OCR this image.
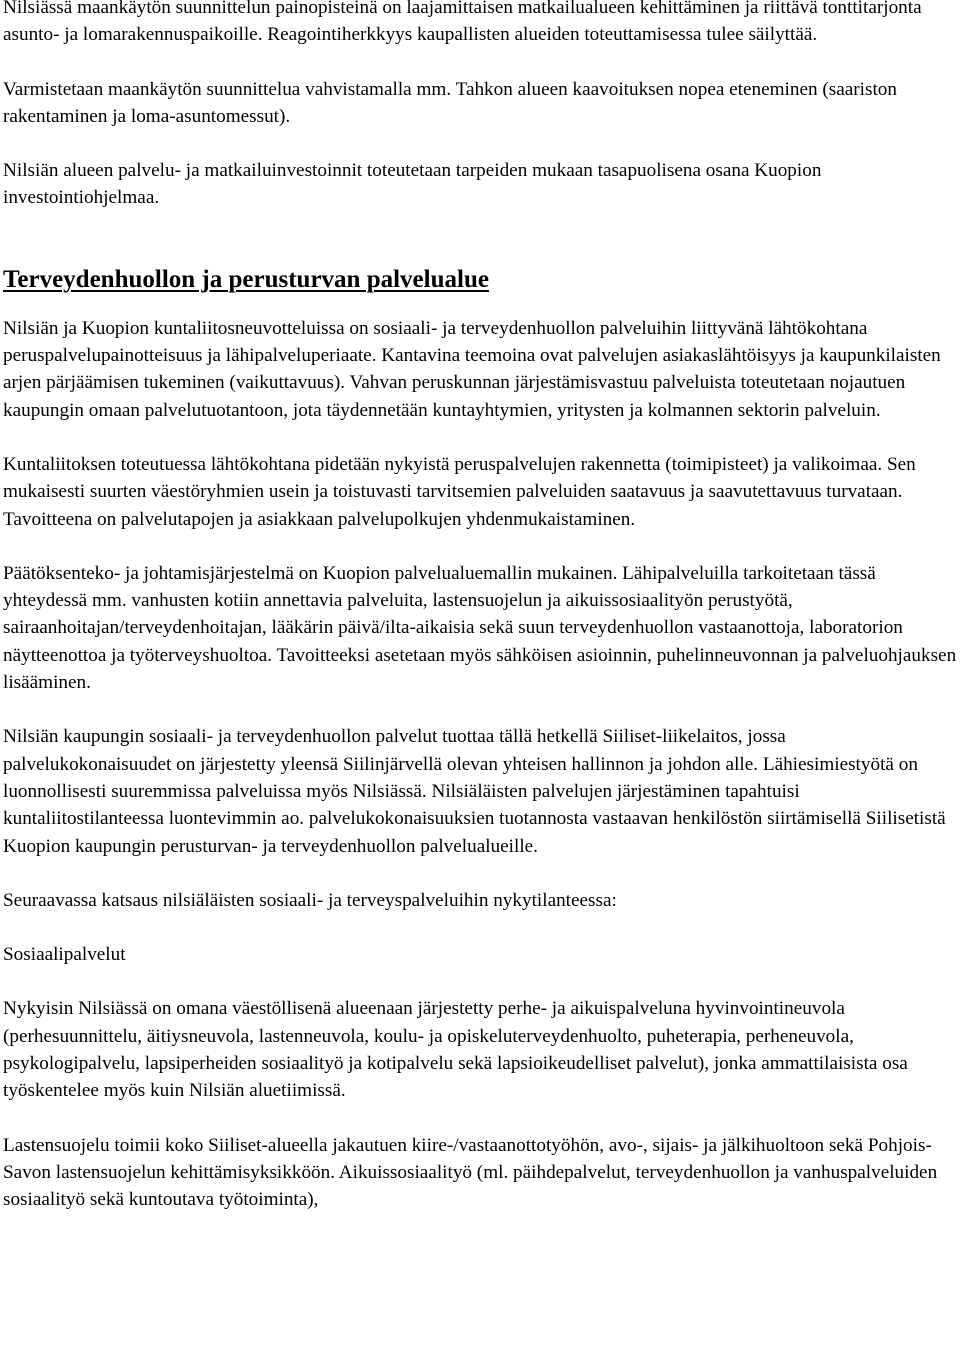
Nilsiässä maankäytön suunnittelun painopisteinä on laajamittaisen matkailualueen kehittäminen ja riittävä tonttitarjonta asunto- ja lomarakennuspaikoille. Reagointiherkkyys kaupallisten alueiden toteuttamisessa tulee säilyttää.

Varmistetaan maankäytön suunnittelua vahvistamalla mm. Tahkon alueen kaavoituksen nopea eteneminen (saariston rakentaminen ja loma-asuntomessut).

Nilsiän alueen palvelu- ja matkailuinvestoinnit toteutetaan tarpeiden mukaan tasapuolisena osana Kuopion investointiohjelmaa.

Terveydenhuollon ja perusturvan palvelualue

Nilsiän ja Kuopion kuntaliitosneuvotteluissa on sosiaali- ja terveydenhuollon palveluihin liittyvänä lähtökohtana peruspalvelupainotteisuus ja lähipalveluperiaate. Kantavina teemoina ovat palvelujen asiakaslähtöisyys ja kaupunkilaisten arjen pärjäämisen tukeminen (vaikuttavuus). Vahvan peruskunnan järjestämisvastuu palveluista toteutetaan nojautuen kaupungin omaan palvelutuotantoon, jota täydennetään kuntayhtymien, yritysten ja kolmannen sektorin palveluin.

Kuntaliitoksen toteutuessa lähtökohtana pidetään nykyistä peruspalvelujen rakennetta (toimipisteet) ja valikoimaa. Sen mukaisesti suurten väestöryhmien usein ja toistuvasti tarvitsemien palveluiden saatavuus ja saavutettavuus turvataan. Tavoitteena on palvelutapojen ja asiakkaan palvelupolkujen yhdenmukaistaminen.

Päätöksenteko- ja johtamisjärjestelmä on Kuopion palvelualuemallin mukainen. Lähipalveluilla tarkoitetaan tässä yhteydessä mm. vanhusten kotiin annettavia palveluita, lastensuojelun ja aikuissosiaalityön perustyötä, sairaanhoitajan/terveydenhoitajan, lääkärin päivä/ilta-aikaisia sekä suun terveydenhuollon vastaanottoja, laboratorion näytteenottoa ja työterveyshuoltoa. Tavoitteeksi asetetaan myös sähköisen asioinnin, puhelinneuvonnan ja palveluohjauksen lisääminen.

Nilsiän kaupungin sosiaali- ja terveydenhuollon palvelut tuottaa tällä hetkellä Siiliset-liikelaitos, jossa palvelukokonaisuudet on järjestetty yleensä Siilinjärvellä olevan yhteisen hallinnon ja johdon alle. Lähiesimiestyötä on luonnollisesti suuremmissa palveluissa myös Nilsiässä. Nilsiäläisten palvelujen järjestäminen tapahtuisi kuntaliitostilanteessa luontevimmin ao. palvelukokonaisuuksien tuotannosta vastaavan henkilöstön siirtämisellä Siilisetistä Kuopion kaupungin perusturvan- ja terveydenhuollon palvelualueille.

Seuraavassa katsaus nilsiäläisten sosiaali- ja terveyspalveluihin nykytilanteessa:

Sosiaalipalvelut

Nykyisin Nilsiässä on omana väestöllisenä alueenaan järjestetty perhe- ja aikuispalveluna hyvinvointineuvola (perhesuunnittelu, äitiysneuvola, lastenneuvola, koulu- ja opiskeluterveydenhuolto, puheterapia, perheneuvola, psykologipalvelu, lapsiperheiden sosiaalityö ja kotipalvelu sekä lapsioikeudelliset palvelut), jonka ammattilaisista osa työskentelee myös kuin Nilsiän aluetiimissä.

Lastensuojelu toimii koko Siiliset-alueella jakautuen kiire-/vastaanottotyöhön, avo-, sijais- ja jälkihuoltoon sekä Pohjois-Savon lastensuojelun kehittämisyksikköön. Aikuissosiaalityö (ml. päihdepalvelut, terveydenhuollon ja vanhuspalveluiden sosiaalityö sekä kuntoutava työtoiminta),
